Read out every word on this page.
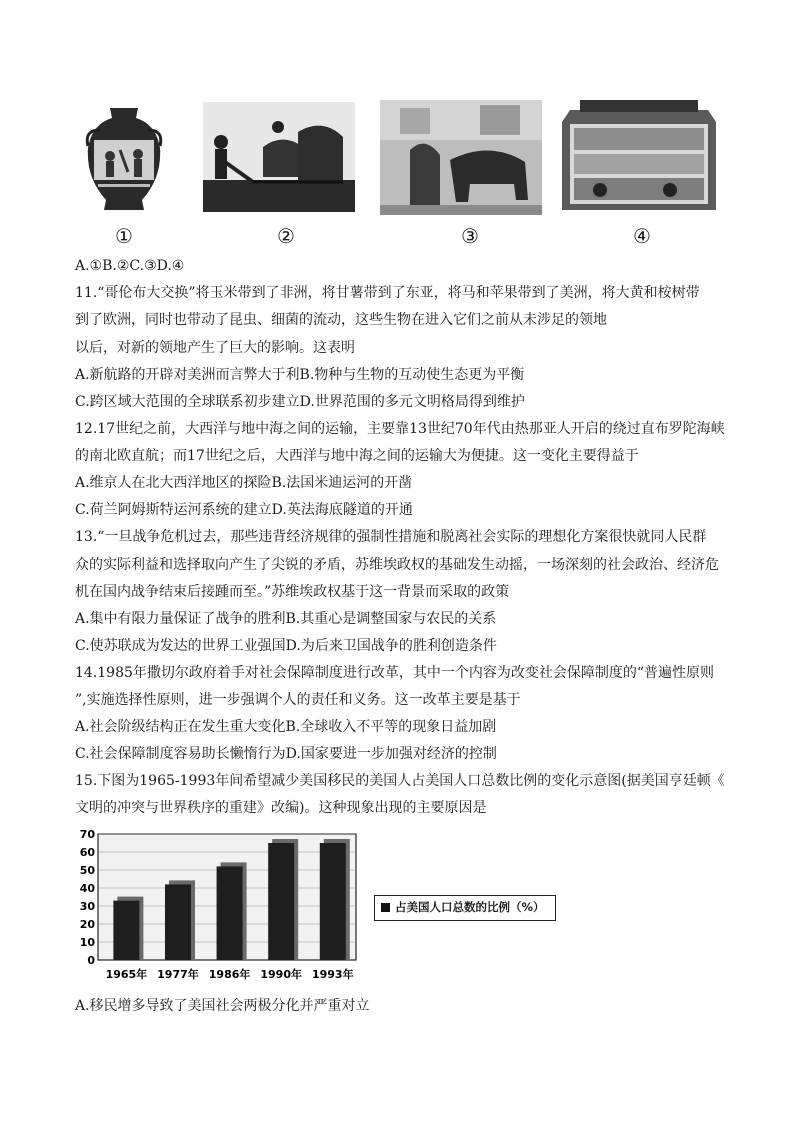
①	②	③	④
A.①B.②C.③D.④
11.“哥伦布大交换”将玉米带到了非洲，将甘薯带到了东亚，将马和苹果带到了美洲，将大黄和桉树带
到了欧洲，同时也带动了昆虫、细菌的流动，这些生物在进入它们之前从未涉足的领地
以后，对新的领地产生了巨大的影响。这表明
A.新航路的开辟对美洲而言弊大于利B.物种与生物的互动使生态更为平衡
C.跨区域大范围的全球联系初步建立D.世界范围的多元文明格局得到维护
12.17世纪之前，大西洋与地中海之间的运输，主要靠13世纪70年代由热那亚人开启的绕过直布罗陀海峡
的南北欧直航；而17世纪之后，大西洋与地中海之间的运输大为便捷。这一变化主要得益于
A.维京人在北大西洋地区的探险B.法国米迪运河的开凿
C.荷兰阿姆斯特运河系统的建立D.英法海底隧道的开通
13.“一旦战争危机过去，那些违背经济规律的强制性措施和脱离社会实际的理想化方案很快就同人民群
众的实际利益和选择取向产生了尖锐的矛盾，苏维埃政权的基础发生动摇，一场深刻的社会政治、经济危
机在国内战争结束后接踵而至。”苏维埃政权基于这一背景而采取的政策
A.集中有限力量保证了战争的胜利B.其重心是调整国家与农民的关系
C.使苏联成为发达的世界工业强国D.为后来卫国战争的胜利创造条件
14.1985年撒切尔政府着手对社会保障制度进行改革，其中一个内容为改变社会保障制度的“普遍性原则
”,实施选择性原则，进一步强调个人的责任和义务。这一改革主要是基于
A.社会阶级结构正在发生重大变化B.全球收入不平等的现象日益加剧
C.社会保障制度容易助长懒惰行为D.国家要进一步加强对经济的控制
15.下图为1965-1993年间希望减少美国移民的美国人占美国人口总数比例的变化示意图(据美国亨廷顿《
文明的冲突与世界秩序的重建》改编)。这种现象出现的主要原因是
0
10
20
30
40
50
60
70
1965年 1977年 1986年 1990年 1993年
占美国人口总数的比例（%）
A.移民增多导致了美国社会两极分化并严重对立
